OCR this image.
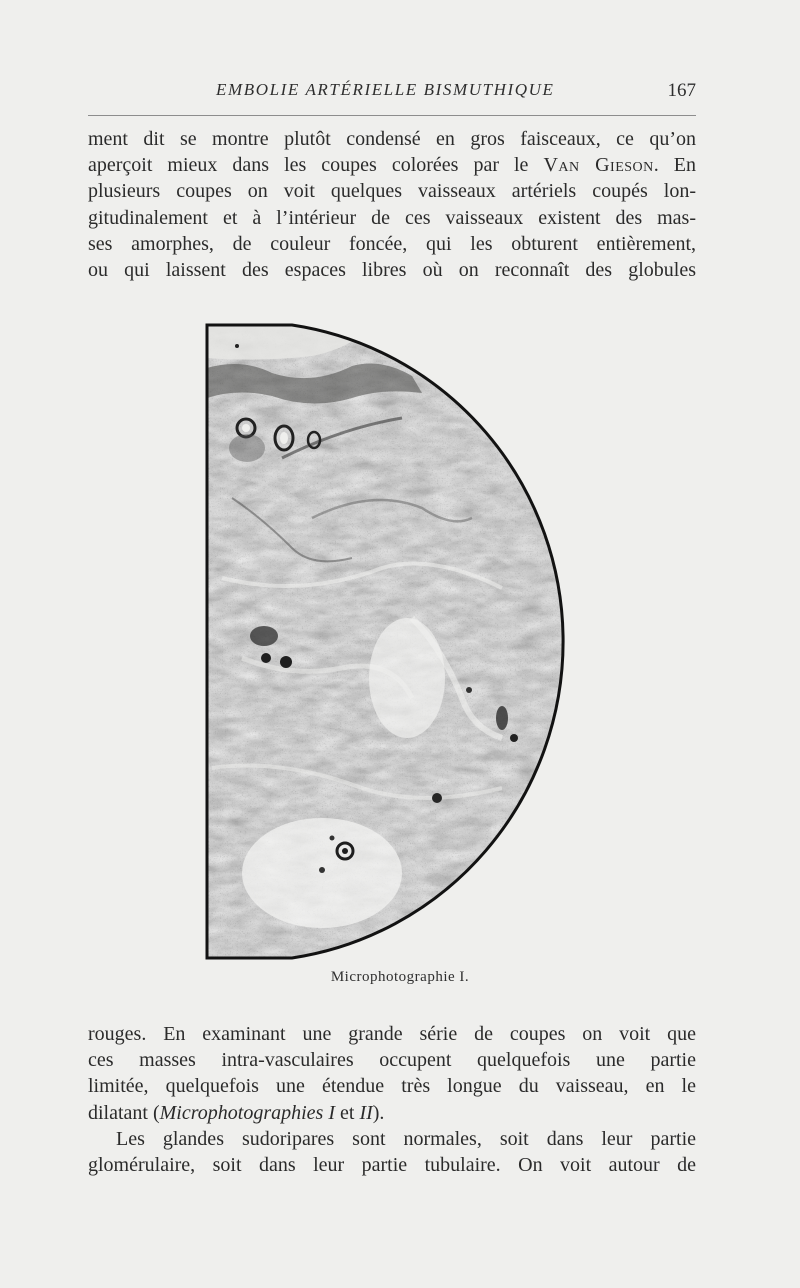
EMBOLIE ARTÉRIELLE BISMUTHIQUE	167

ment dit se montre plutôt condensé en gros faisceaux, ce qu’on

aperçoit mieux dans les coupes colorées par le Van Gieson. En

plusieurs coupes on voit quelques vaisseaux artériels coupés lon-

gitudinalement et à l’intérieur de ces vaisseaux existent des mas-

ses amorphes, de couleur foncée, qui les obturent entièrement,

ou qui laissent des espaces libres où on reconnaît des globules

Microphotographie I.

rouges. En examinant une grande série de coupes on voit que

ces masses intra-vasculaires occupent quelquefois une partie

limitée, quelquefois une étendue très longue du vaisseau, en le

dilatant (Microphotographies I et II).

Les glandes sudoripares sont normales, soit dans leur partie

glomérulaire, soit dans leur partie tubulaire. On voit autour de
